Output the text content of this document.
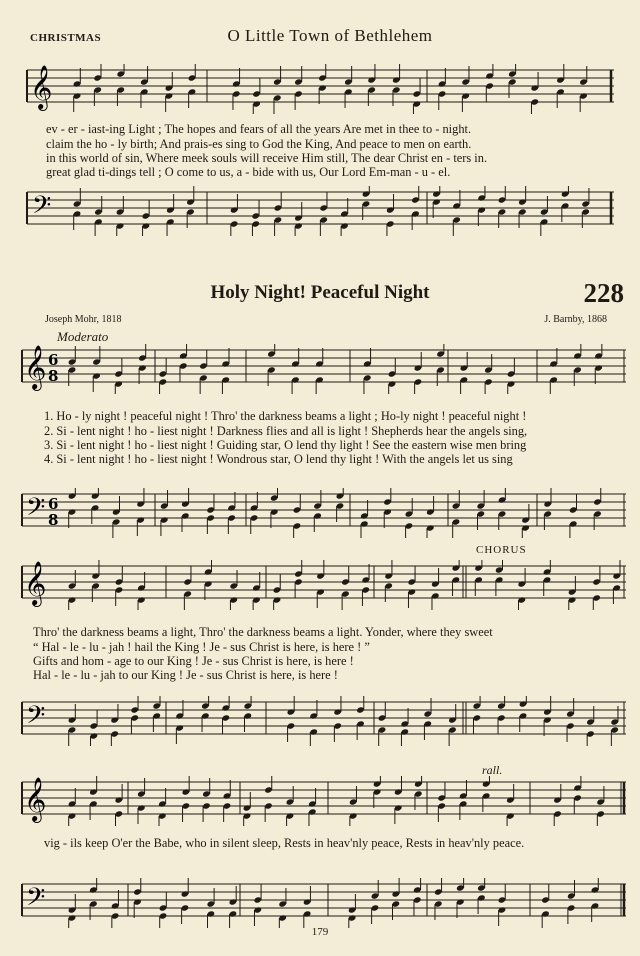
CHRISTMAS	O Little Town of Bethlehem
𝄞
𝄢
ev - er - iast-ing Light ; The hopes and fears of all the years Are met in thee to - night.
claim the ho - ly birth; And prais-es sing to God the King, And peace to men on earth.
in this world of sin, Where meek souls will receive Him still, The dear Christ en - ters in.
great glad ti-dings tell ; O come to us, a - bide with us, Our Lord Em-man - u - el.
Holy Night! Peaceful Night	228
Joseph Mohr, 1818	J. Barnby, 1868
Moderato
𝄞 6
8
𝄢 6
8
1. Ho - ly night ! peaceful night ! Thro' the darkness beams a light ; Ho-ly night ! peaceful night !
2. Si - lent night ! ho - liest night ! Darkness flies and all is light ! Shepherds hear the angels sing,
3. Si - lent night ! ho - liest night ! Guiding star, O lend thy light ! See the eastern wise men bring
4. Si - lent night ! ho - liest night ! Wondrous star, O lend thy light ! With the angels let us sing
CHORUS
𝄞
𝄢
Thro' the darkness beams a light, Thro' the darkness beams a light. Yonder, where they sweet
“ Hal - le - lu - jah ! hail the King ! Je - sus Christ is here, is here ! ”
Gifts and hom - age to our King ! Je - sus Christ is here, is here !
Hal - le - lu - jah to our King ! Je - sus Christ is here, is here !
rall.
𝄞
𝄢
vig - ils keep O'er the Babe, who in silent sleep, Rests in heav'nly peace, Rests in heav'nly peace.
179
